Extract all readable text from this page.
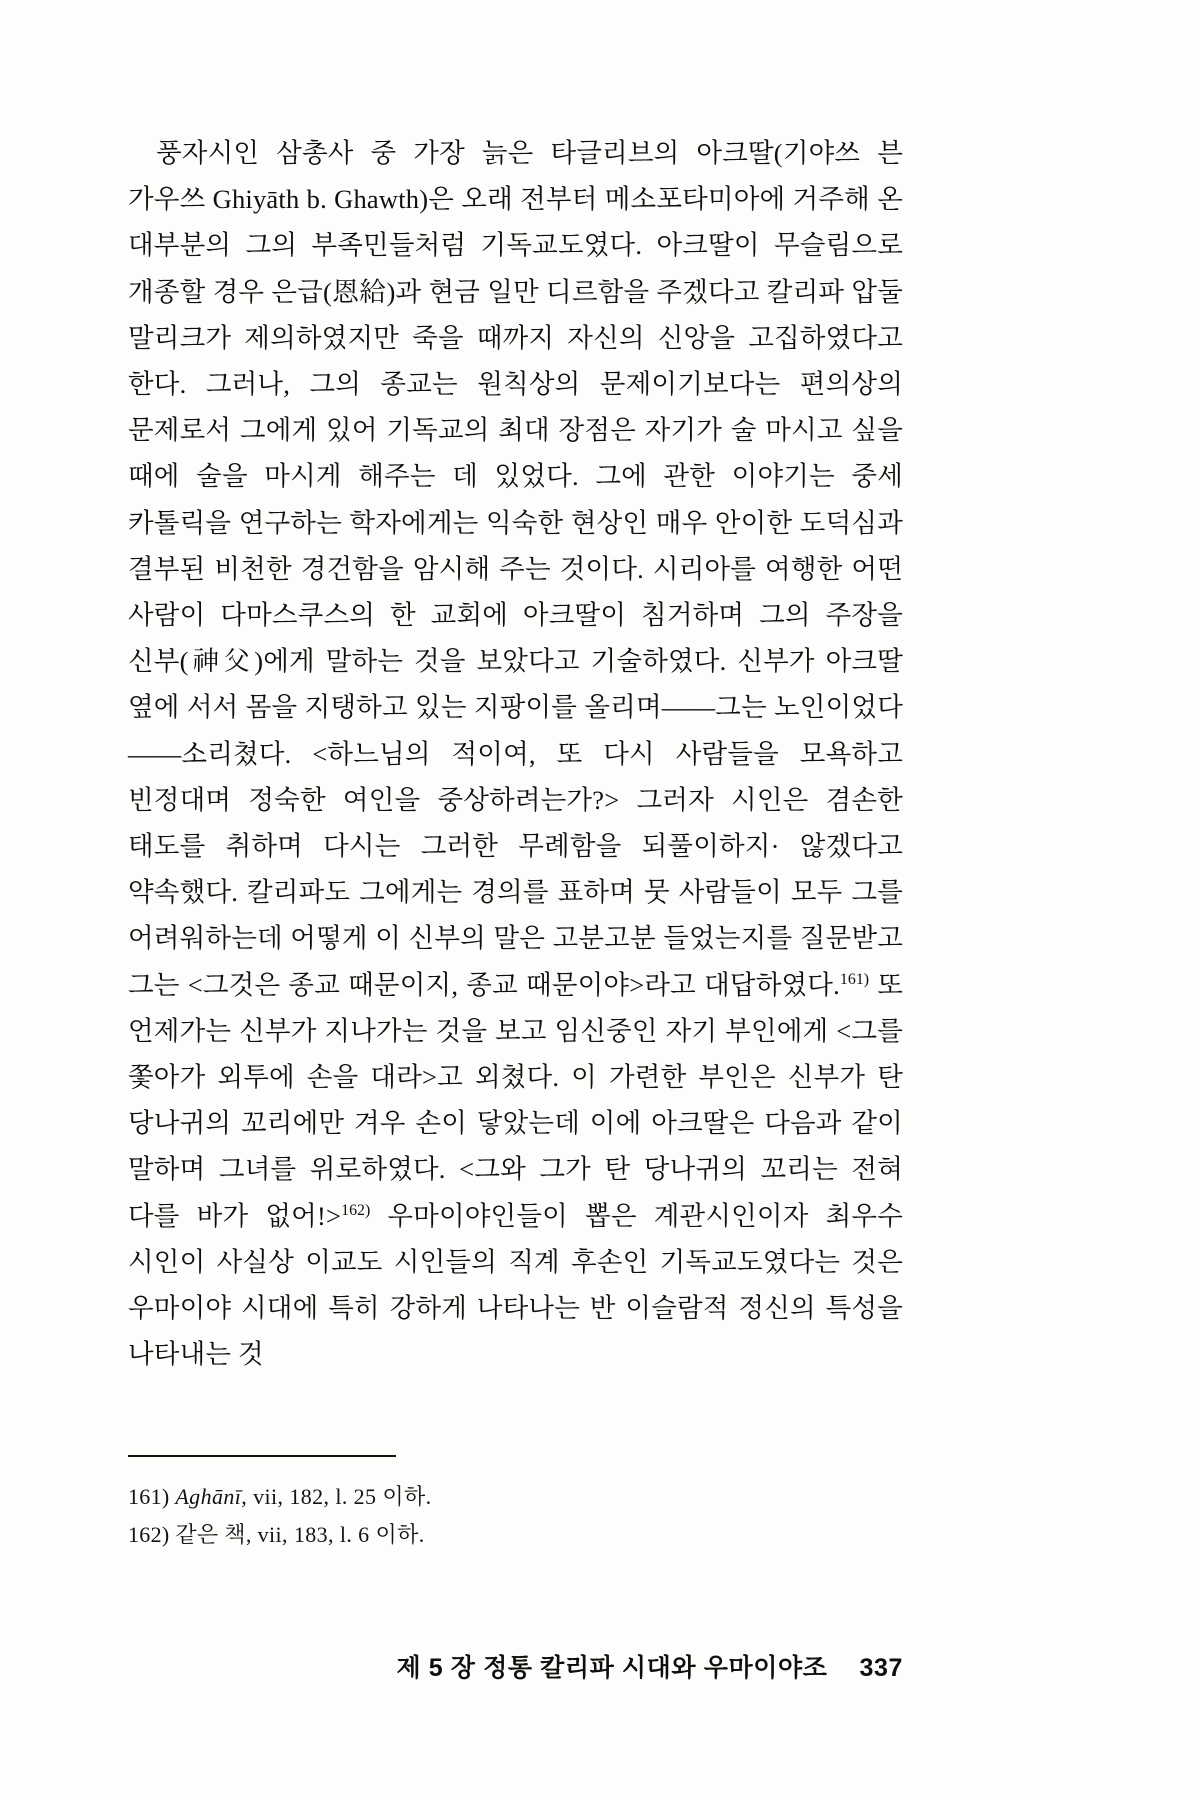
풍자시인 삼총사 중 가장 늙은 타글리브의 아크딸(기야쓰 븐 가우쓰 Ghiyāth b. Ghawth)은 오래 전부터 메소포타미아에 거주해 온 대부분의 그의 부족민들처럼 기독교도였다. 아크딸이 무슬림으로 개종할 경우 은급(恩給)과 현금 일만 디르함을 주겠다고 칼리파 압둘 말리크가 제의하였지만 죽을 때까지 자신의 신앙을 고집하였다고 한다. 그러나, 그의 종교는 원칙상의 문제이기보다는 편의상의 문제로서 그에게 있어 기독교의 최대 장점은 자기가 술 마시고 싶을 때에 술을 마시게 해주는 데 있었다. 그에 관한 이야기는 중세 카톨릭을 연구하는 학자에게는 익숙한 현상인 매우 안이한 도덕심과 결부된 비천한 경건함을 암시해 주는 것이다. 시리아를 여행한 어떤 사람이 다마스쿠스의 한 교회에 아크딸이 침거하며 그의 주장을 신부(神父)에게 말하는 것을 보았다고 기술하였다. 신부가 아크딸 옆에 서서 몸을 지탱하고 있는 지팡이를 올리며——그는 노인이었다——소리쳤다. <하느님의 적이여, 또 다시 사람들을 모욕하고 빈정대며 정숙한 여인을 중상하려는가?> 그러자 시인은 겸손한 태도를 취하며 다시는 그러한 무례함을 되풀이하지· 않겠다고 약속했다. 칼리파도 그에게는 경의를 표하며 뭇 사람들이 모두 그를 어려워하는데 어떻게 이 신부의 말은 고분고분 들었는지를 질문받고 그는 <그것은 종교 때문이지, 종교 때문이야>라고 대답하였다.$^{161)}$ 또 언제가는 신부가 지나가는 것을 보고 임신중인 자기 부인에게 <그를 쫓아가 외투에 손을 대라>고 외쳤다. 이 가련한 부인은 신부가 탄 당나귀의 꼬리에만 겨우 손이 닿았는데 이에 아크딸은 다음과 같이 말하며 그녀를 위로하였다. <그와 그가 탄 당나귀의 꼬리는 전혀 다를 바가 없어!>$^{162)}$ 우마이야인들이 뽑은 계관시인이자 최우수 시인이 사실상 이교도 시인들의 직계 후손인 기독교도였다는 것은 우마이야 시대에 특히 강하게 나타나는 반 이슬람적 정신의 특성을 나타내는 것

161) Aghānī, vii, 182, l. 25 이하.
162) 같은 책, vii, 183, l. 6 이하.
제 5 장 정통 칼리파 시대와 우마이야조 337
